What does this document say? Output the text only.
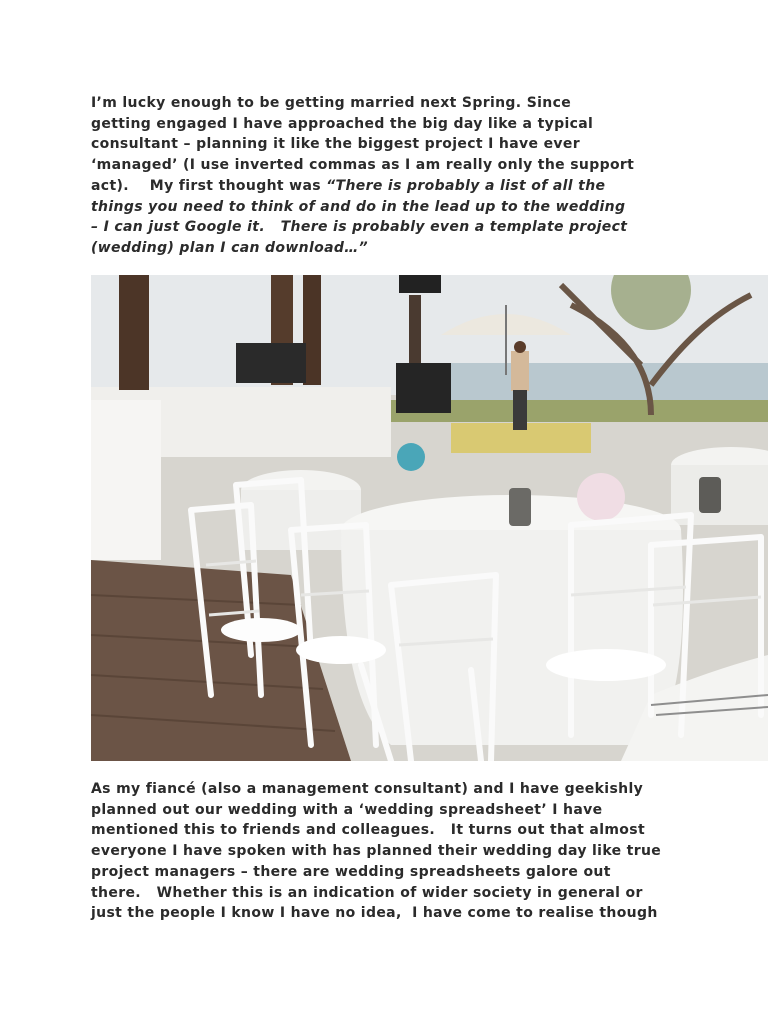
I’m lucky enough to be getting married next Spring. Since
getting engaged I have approached the big day like a typical
consultant – planning it like the biggest project I have ever
‘managed’ (I use inverted commas as I am really only the support
act).    My first thought was “There is probably a list of all the
things you need to think of and do in the lead up to the wedding
– I can just Google it.   There is probably even a template project
(wedding) plan I can download…”
As my fiancé (also a management consultant) and I have geekishly
planned out our wedding with a ‘wedding spreadsheet’ I have
mentioned this to friends and colleagues.   It turns out that almost
everyone I have spoken with has planned their wedding day like true
project managers – there are wedding spreadsheets galore out
there.   Whether this is an indication of wider society in general or
just the people I know I have no idea,  I have come to realise though
